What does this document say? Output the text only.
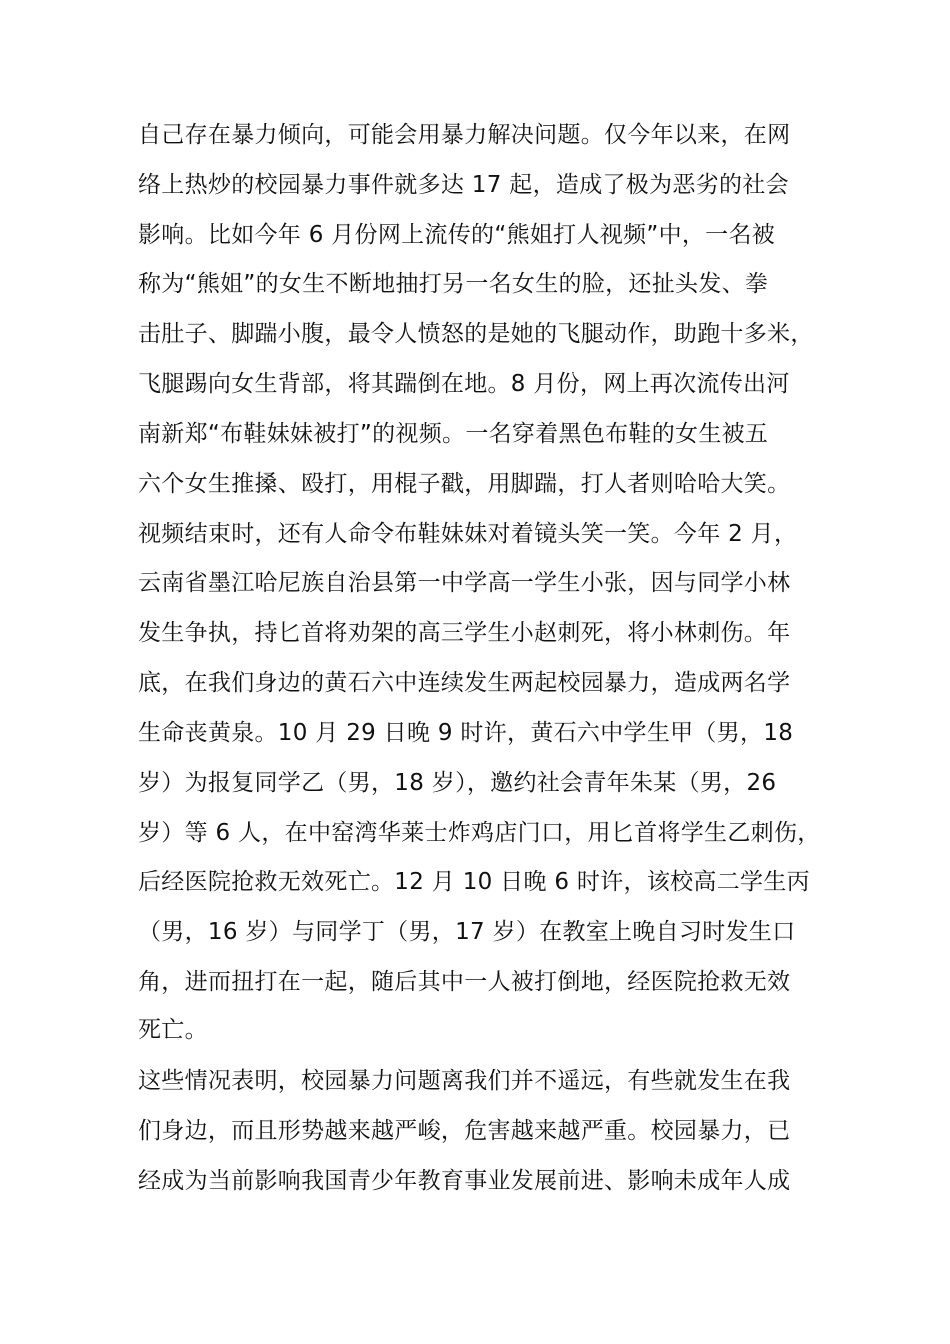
自己存在暴力倾向，可能会用暴力解决问题。仅今年以来，在网
络上热炒的校园暴力事件就多达 17 起，造成了极为恶劣的社会
影响。比如今年 6 月份网上流传的“熊姐打人视频”中，一名被
称为“熊姐”的女生不断地抽打另一名女生的脸，还扯头发、拳
击肚子、脚踹小腹，最令人愤怒的是她的飞腿动作，助跑十多米，
飞腿踢向女生背部，将其踹倒在地。8 月份，网上再次流传出河
南新郑“布鞋妹妹被打”的视频。一名穿着黑色布鞋的女生被五
六个女生推搡、殴打，用棍子戳，用脚踹，打人者则哈哈大笑。
视频结束时，还有人命令布鞋妹妹对着镜头笑一笑。今年 2 月，
云南省墨江哈尼族自治县第一中学高一学生小张，因与同学小林
发生争执，持匕首将劝架的高三学生小赵刺死，将小林刺伤。年
底，在我们身边的黄石六中连续发生两起校园暴力，造成两名学
生命丧黄泉。10 月 29 日晚 9 时许，黄石六中学生甲（男，18
岁）为报复同学乙（男，18 岁），邀约社会青年朱某（男，26
岁）等 6 人，在中窑湾华莱士炸鸡店门口，用匕首将学生乙刺伤，
后经医院抢救无效死亡。12 月 10 日晚 6 时许，该校高二学生丙
（男，16 岁）与同学丁（男，17 岁）在教室上晚自习时发生口
角，进而扭打在一起，随后其中一人被打倒地，经医院抢救无效
死亡。
这些情况表明，校园暴力问题离我们并不遥远，有些就发生在我
们身边，而且形势越来越严峻，危害越来越严重。校园暴力，已
经成为当前影响我国青少年教育事业发展前进、影响未成年人成
